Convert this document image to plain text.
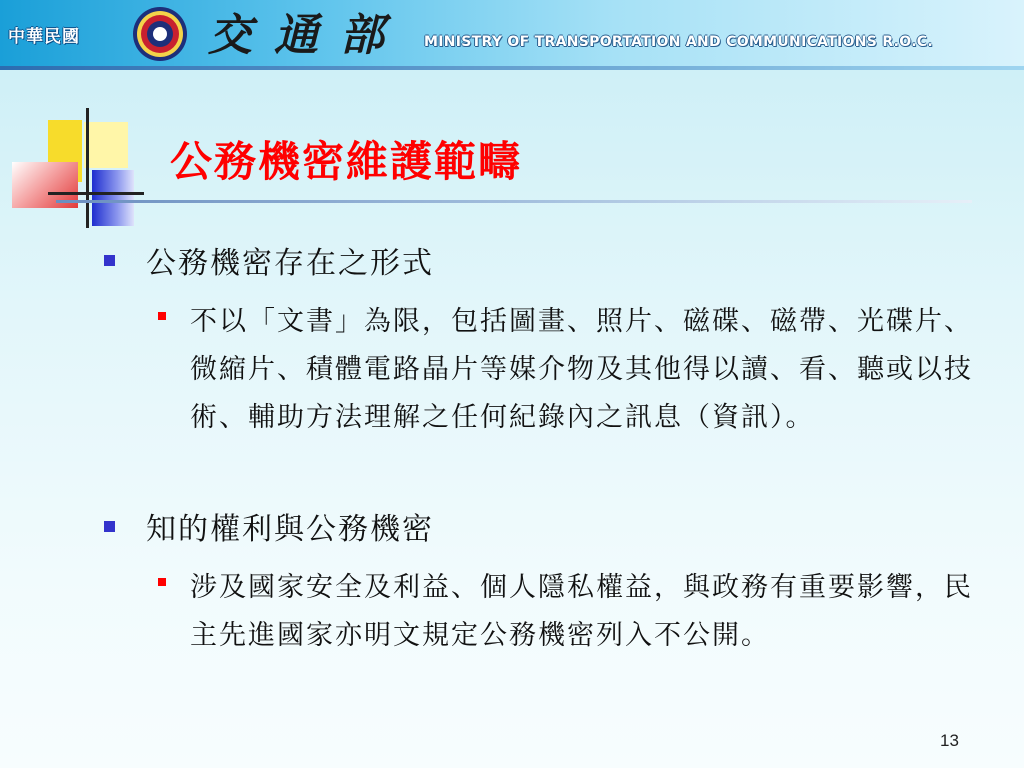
中華民國	交通部 MINISTRY OF TRANSPORTATION AND COMMUNICATIONS R.O.C.
公務機密維護範疇
公務機密存在之形式
不以「文書」為限，包括圖畫、照片、磁碟、磁帶、光碟片、微縮片、積體電路晶片等媒介物及其他得以讀、看、聽或以技術、輔助方法理解之任何紀錄內之訊息（資訊）。
知的權利與公務機密
涉及國家安全及利益、個人隱私權益，與政務有重要影響，民主先進國家亦明文規定公務機密列入不公開。
13
